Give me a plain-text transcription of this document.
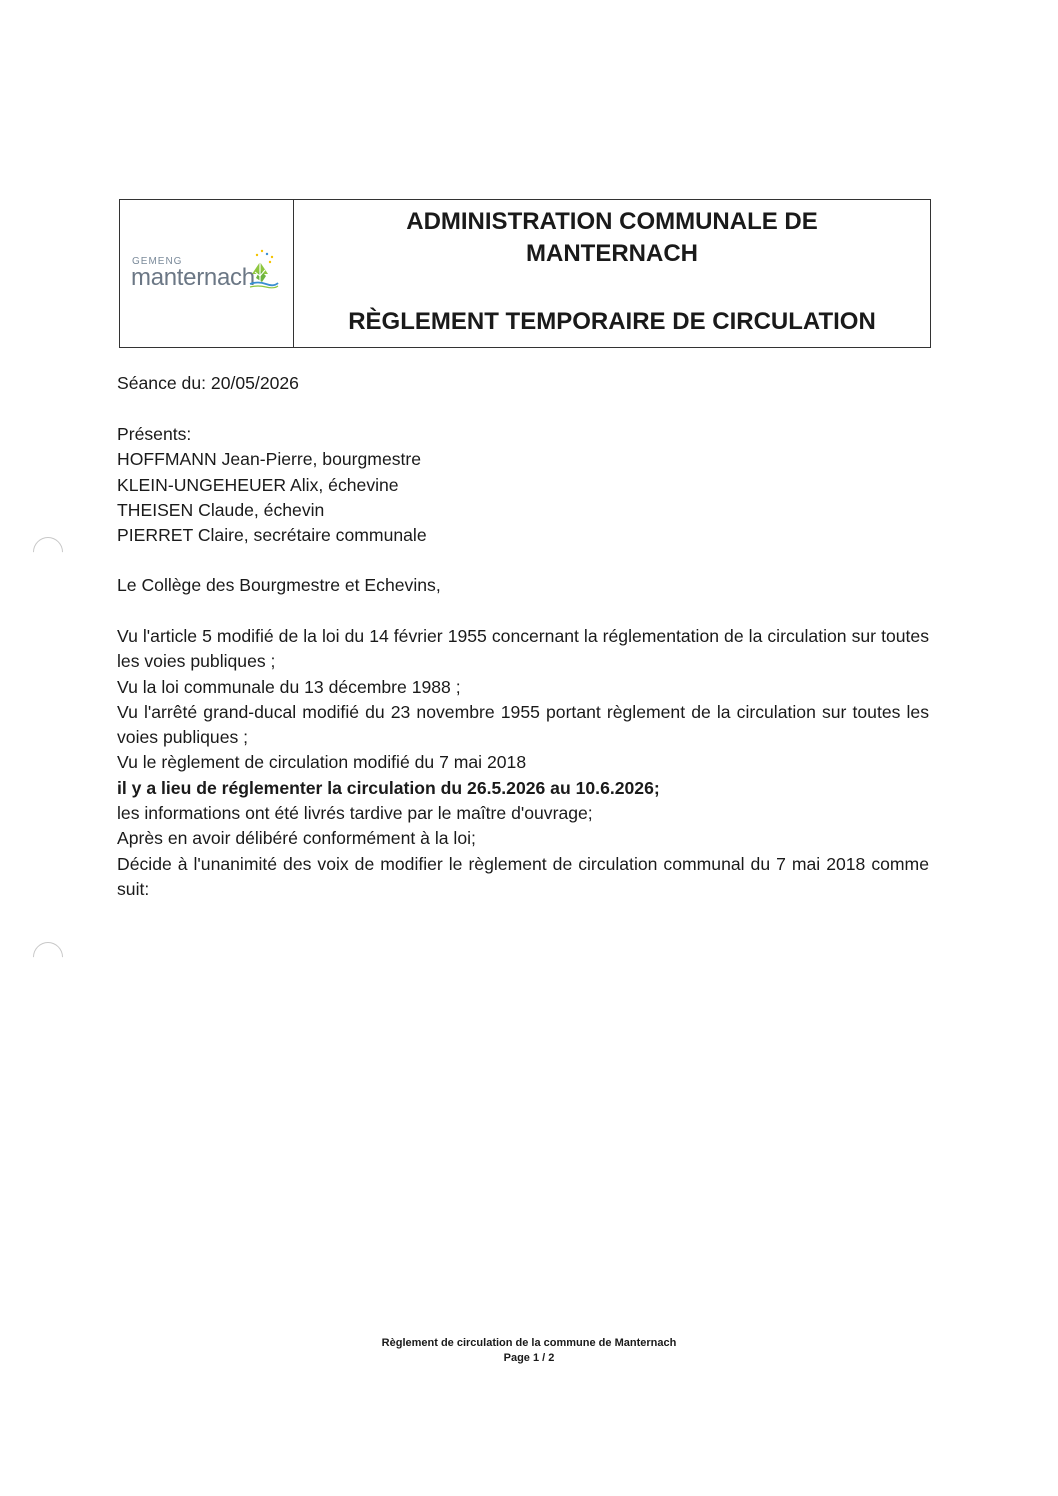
GEMENG
manternach
ADMINISTRATION COMMUNALE DE
MANTERNACH
RÈGLEMENT TEMPORAIRE DE CIRCULATION
Séance du: 20/05/2026
Présents:
HOFFMANN Jean-Pierre, bourgmestre
KLEIN-UNGEHEUER Alix, échevine
THEISEN Claude, échevin
PIERRET Claire, secrétaire communale
Le Collège des Bourgmestre et Echevins,
Vu l'article 5 modifié de la loi du 14 février 1955 concernant la réglementation de la circulation sur toutes les voies publiques ;
Vu la loi communale du 13 décembre 1988 ;
Vu l'arrêté grand-ducal modifié du 23 novembre 1955 portant règlement de la circulation sur toutes les voies publiques ;
Vu le règlement de circulation modifié du 7 mai 2018
il y a lieu de réglementer la circulation du 26.5.2026 au 10.6.2026;
les informations ont été livrés tardive par le maître d'ouvrage;
Après en avoir délibéré conformément à la loi;
Décide à l'unanimité des voix de modifier le règlement de circulation communal du 7 mai 2018 comme suit:
Règlement de circulation de la commune de Manternach
Page 1 / 2
